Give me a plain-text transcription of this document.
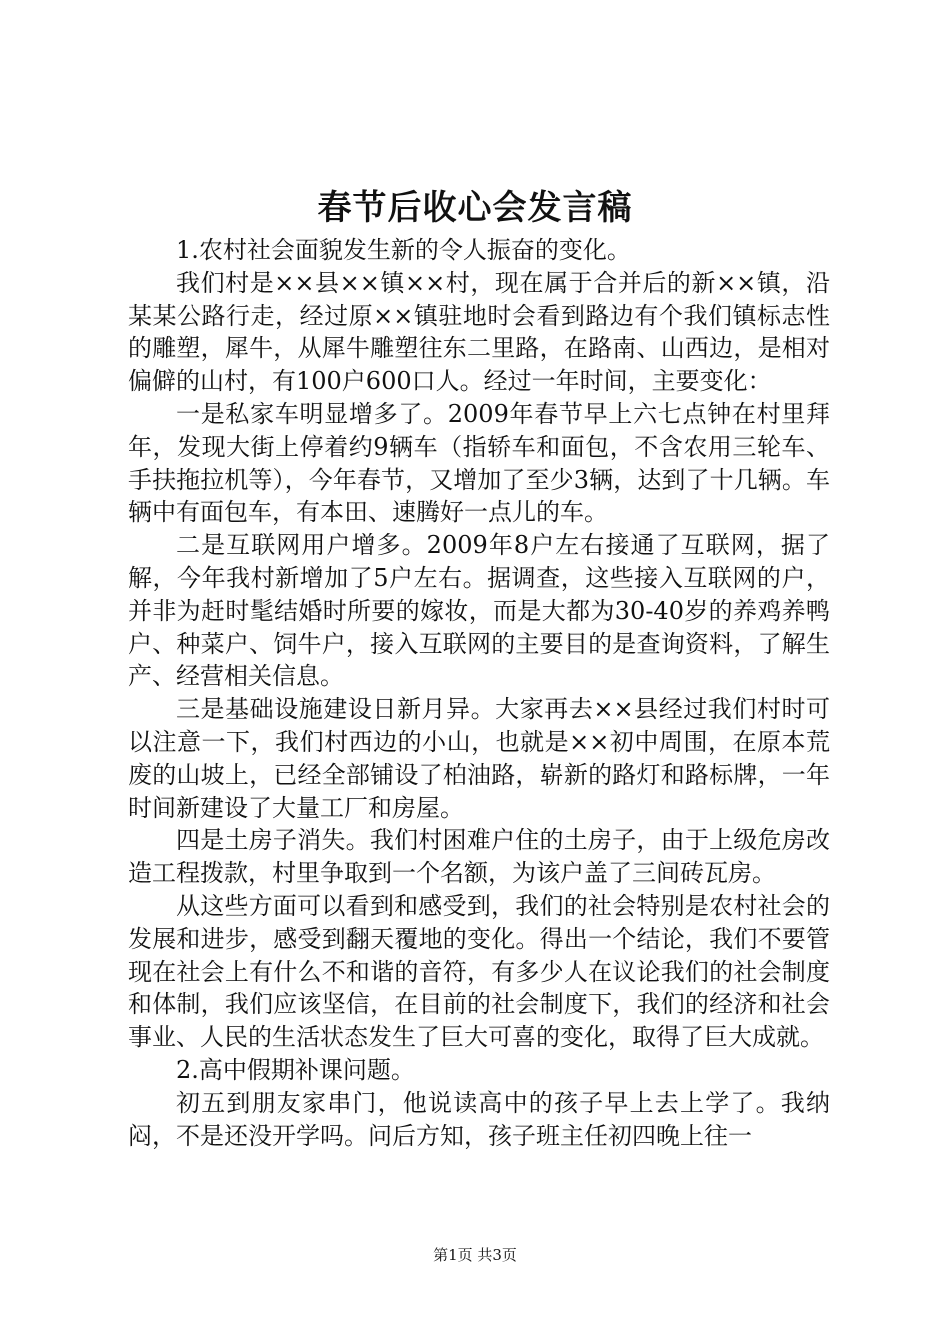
春节后收心会发言稿

1.农村社会面貌发生新的令人振奋的变化。

我们村是××县××镇××村，现在属于合并后的新××镇，沿某某公路行走，经过原××镇驻地时会看到路边有个我们镇标志性的雕塑，犀牛，从犀牛雕塑往东二里路，在路南、山西边，是相对偏僻的山村，有100户600口人。经过一年时间，主要变化：

一是私家车明显增多了。2009年春节早上六七点钟在村里拜年，发现大街上停着约9辆车（指轿车和面包，不含农用三轮车、手扶拖拉机等），今年春节，又增加了至少3辆，达到了十几辆。车辆中有面包车，有本田、速腾好一点儿的车。

二是互联网用户增多。2009年8户左右接通了互联网，据了解，今年我村新增加了5户左右。据调查，这些接入互联网的户，并非为赶时髦结婚时所要的嫁妆，而是大都为30-40岁的养鸡养鸭户、种菜户、饲牛户，接入互联网的主要目的是查询资料，了解生产、经营相关信息。

三是基础设施建设日新月异。大家再去××县经过我们村时可以注意一下，我们村西边的小山，也就是××初中周围，在原本荒废的山坡上，已经全部铺设了柏油路，崭新的路灯和路标牌，一年时间新建设了大量工厂和房屋。

四是土房子消失。我们村困难户住的土房子，由于上级危房改造工程拨款，村里争取到一个名额，为该户盖了三间砖瓦房。

从这些方面可以看到和感受到，我们的社会特别是农村社会的发展和进步，感受到翻天覆地的变化。得出一个结论，我们不要管现在社会上有什么不和谐的音符，有多少人在议论我们的社会制度和体制，我们应该坚信，在目前的社会制度下，我们的经济和社会事业、人民的生活状态发生了巨大可喜的变化，取得了巨大成就。

2.高中假期补课问题。

初五到朋友家串门，他说读高中的孩子早上去上学了。我纳闷，不是还没开学吗。问后方知，孩子班主任初四晚上往一

第1页 共3页
